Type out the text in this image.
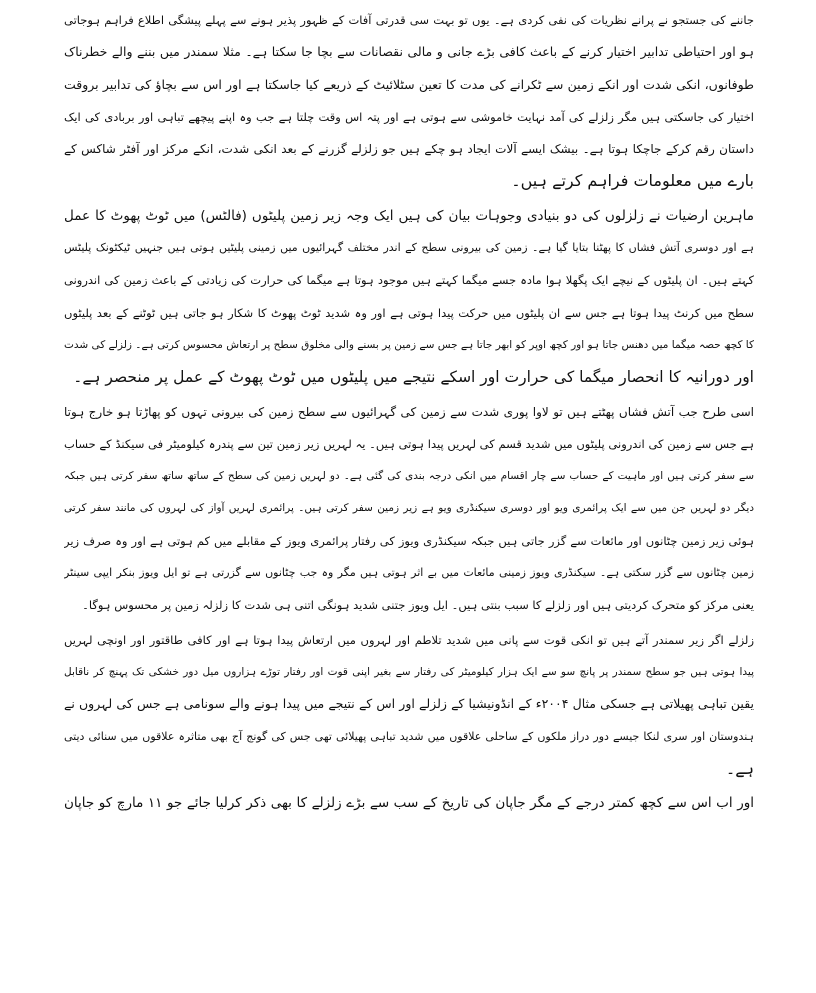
جاننے کی جستجو نے پرانے نظریات کی نفی کردی ہے۔ یوں تو بہت سی قدرتی آفات کے ظہور پذیر ہونے سے پہلے پیشگی اطلاع فراہم ہوجاتی
ہو اور احتیاطی تدابیر اختیار کرنے کے باعث کافی بڑے جانی و مالی نقصانات سے بچا جا سکتا ہے۔ مثلا سمندر میں بننے والے خطرناک
طوفانوں، انکی شدت اور انکے زمین سے ٹکرانے کی مدت کا تعین سٹلائیٹ کے ذریعے کیا جاسکتا ہے اور اس سے بچاؤ کی تدابیر بروقت
اختیار کی جاسکتی ہیں مگر زلزلے کی آمد نہایت خاموشی سے ہوتی ہے اور پتہ اس وقت چلتا ہے جب وہ اپنے پیچھے تباہی اور بربادی کی ایک
داستان رقم کرکے جاچکا ہوتا ہے۔ بیشک ایسے آلات ایجاد ہو چکے ہیں جو زلزلے گزرنے کے بعد انکی شدت، انکے مرکز اور آفٹر شاکس کے
بارے میں معلومات فراہم کرتے ہیں۔
ماہرین ارضیات نے زلزلوں کی دو بنیادی وجوہات بیان کی ہیں ایک وجہ زیر زمین پلیٹوں (فالٹس) میں ٹوٹ پھوٹ کا عمل
ہے اور دوسری آتش فشاں کا پھٹنا بتایا گیا ہے۔ زمین کی بیرونی سطح کے اندر مختلف گہرائیوں میں زمینی پلیٹیں ہوتی ہیں جنہیں ٹیکٹونک پلیٹس
کہتے ہیں۔ ان پلیٹوں کے نیچے ایک پگھلا ہوا مادہ جسے میگما کہتے ہیں موجود ہوتا ہے میگما کی حرارت کی زیادتی کے باعث زمین کی اندرونی
سطح میں کرنٹ پیدا ہوتا ہے جس سے ان پلیٹوں میں حرکت پیدا ہوتی ہے اور وہ شدید ٹوٹ پھوٹ کا شکار ہو جاتی ہیں ٹوٹنے کے بعد پلیٹوں
کا کچھ حصہ میگما میں دھنس جاتا ہو اور کچھ اوپر کو ابھر جاتا ہے جس سے زمین پر بسنے والی مخلوق سطح پر ارتعاش محسوس کرتی ہے۔ زلزلے کی شدت
اور دورانیہ کا انحصار میگما کی حرارت اور اسکے نتیجے میں پلیٹوں میں ٹوٹ پھوٹ کے عمل پر منحصر ہے۔
اسی طرح جب آتش فشاں پھٹتے ہیں تو لاوا پوری شدت سے زمین کی گہرائیوں سے سطح زمین کی بیرونی تہوں کو پھاڑتا ہو خارج ہوتا
ہے جس سے زمین کی اندرونی پلیٹوں میں شدید قسم کی لہریں پیدا ہوتی ہیں۔ یہ لہریں زیر زمین تین سے پندرہ کیلومیٹر فی سیکنڈ کے حساب
سے سفر کرتی ہیں اور ماہیت کے حساب سے چار اقسام میں انکی درجہ بندی کی گئی ہے۔ دو لہریں زمین کی سطح کے ساتھ ساتھ سفر کرتی ہیں جبکہ
دیگر دو لہریں جن میں سے ایک پرائمری ویو اور دوسری سیکنڈری ویو ہے زیر زمین سفر کرتی ہیں۔ پرائمری لہریں آواز کی لہروں کی مانند سفر کرتی
ہوئی زیر زمین چٹانوں اور مائعات سے گزر جاتی ہیں جبکہ سیکنڈری ویوز کی رفتار پرائمری ویوز کے مقابلے میں کم ہوتی ہے اور وہ صرف زیر
زمین چٹانوں سے گزر سکتی ہے۔ سیکنڈری ویوز زمینی مائعات میں بے اثر ہوتی ہیں مگر وہ جب چٹانوں سے گزرتی ہے تو ایل ویوز بنکر ایپی سینٹر
یعنی مرکز کو متحرک کردیتی ہیں اور زلزلے کا سبب بنتی ہیں۔ ایل ویوز جتنی شدید ہونگی اتنی ہی شدت کا زلزلہ زمین پر محسوس ہوگا۔
زلزلے اگر زیر سمندر آتے ہیں تو انکی قوت سے پانی میں شدید تلاطم اور لہروں میں ارتعاش پیدا ہوتا ہے اور کافی طاقتور اور اونچی لہریں
پیدا ہوتی ہیں جو سطح سمندر پر پانچ سو سے ایک ہزار کیلومیٹر کی رفتار سے بغیر اپنی قوت اور رفتار توڑے ہزاروں میل دور خشکی تک پہنچ کر ناقابل
یقین تباہی پھیلاتی ہے جسکی مثال ۲۰۰۴ء کے انڈونیشیا کے زلزلے اور اس کے نتیجے میں پیدا ہونے والے سونامی ہے جس کی لہروں نے
ہندوستان اور سری لنکا جیسے دور دراز ملکوں کے ساحلی علاقوں میں شدید تباہی پھیلائی تھی جس کی گونج آج بھی متاثرہ علاقوں میں سنائی دیتی
ہے۔
اور اب اس سے کچھ کمتر درجے کے مگر جاپان کی تاریخ کے سب سے بڑے زلزلے کا بھی ذکر کرلیا جائے جو ۱۱ مارچ کو جاپان
